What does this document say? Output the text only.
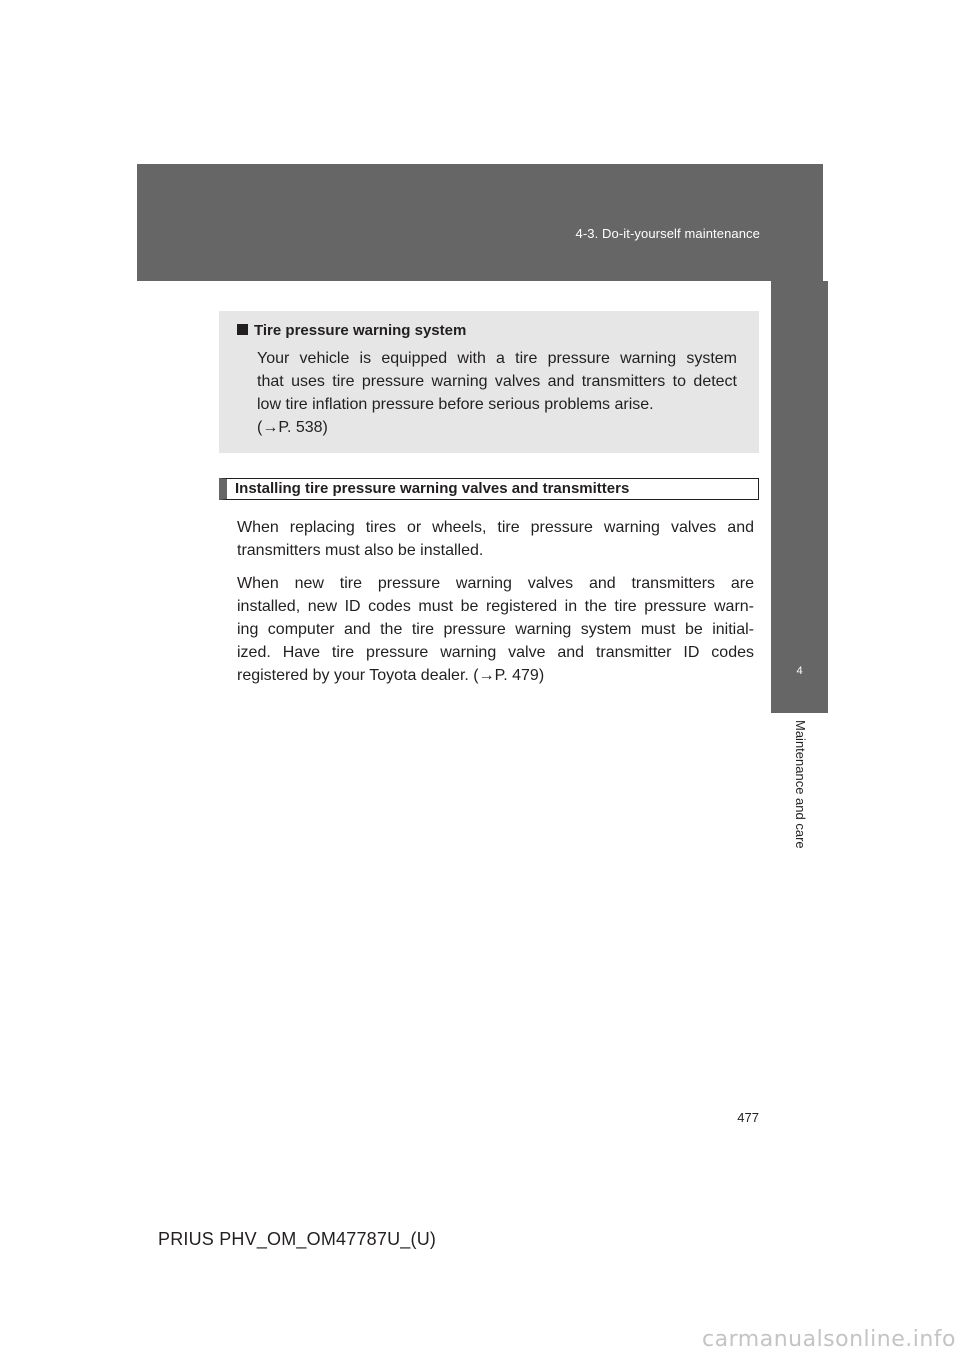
4-3. Do-it-yourself maintenance
4
Maintenance and care
Tire pressure warning system
Your vehicle is equipped with a tire pressure warning system
that uses tire pressure warning valves and transmitters to detect
low tire inflation pressure before serious problems arise.
(→P. 538)
Installing tire pressure warning valves and transmitters
When replacing tires or wheels, tire pressure warning valves and
transmitters must also be installed.
When new tire pressure warning valves and transmitters are
installed, new ID codes must be registered in the tire pressure warn-
ing computer and the tire pressure warning system must be initial-
ized. Have tire pressure warning valve and transmitter ID codes
registered by your Toyota dealer. (→P. 479)
477
PRIUS PHV_OM_OM47787U_(U)
carmanualsonline.info
